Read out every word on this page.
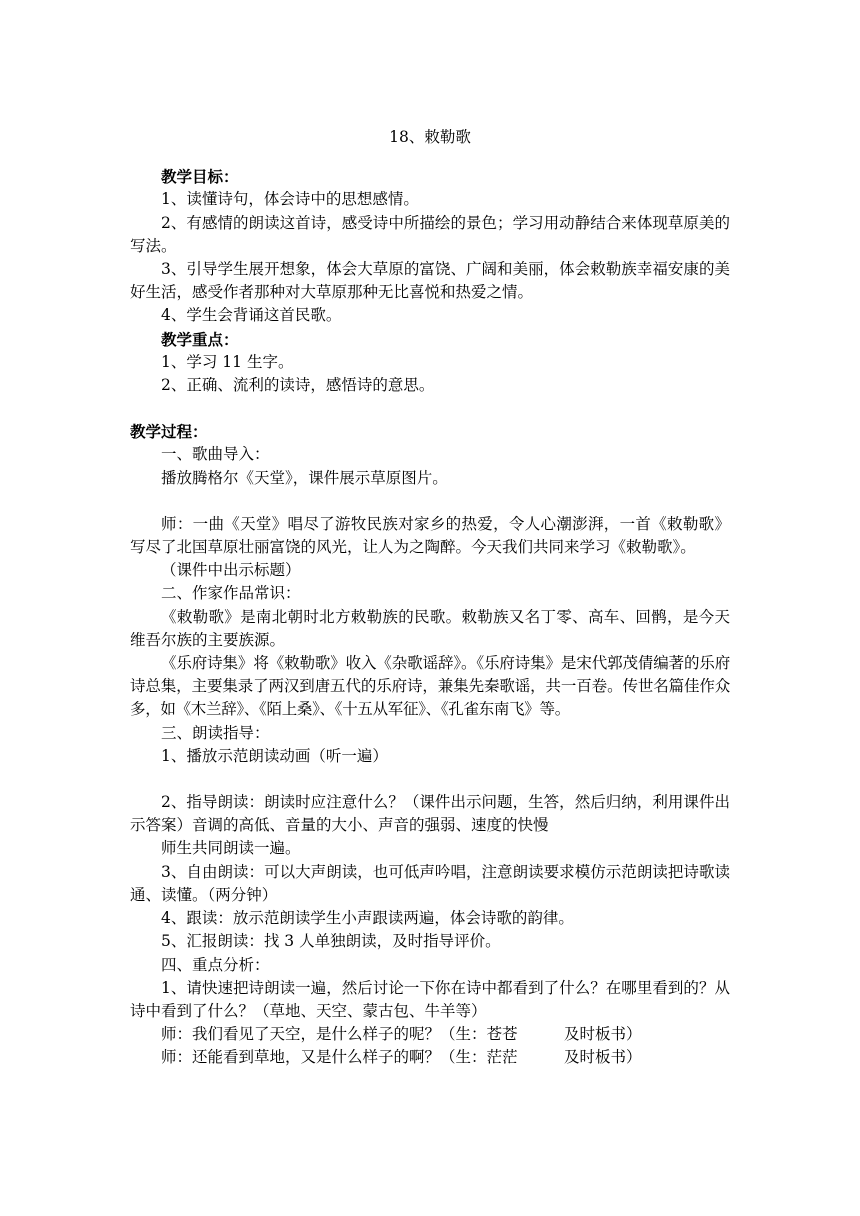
18、敕勒歌
教学目标：
1、读懂诗句，体会诗中的思想感情。
2、有感情的朗读这首诗，感受诗中所描绘的景色；学习用动静结合来体现草原美的写法。
3、引导学生展开想象，体会大草原的富饶、广阔和美丽，体会敕勒族幸福安康的美好生活，感受作者那种对大草原那种无比喜悦和热爱之情。
4、学生会背诵这首民歌。
教学重点：
1、学习 11 生字。
2、正确、流利的读诗，感悟诗的意思。
教学过程：
一、歌曲导入：
播放腾格尔《天堂》，课件展示草原图片。
师：一曲《天堂》唱尽了游牧民族对家乡的热爱，令人心潮澎湃，一首《敕勒歌》写尽了北国草原壮丽富饶的风光，让人为之陶醉。今天我们共同来学习《敕勒歌》。
（课件中出示标题）
二、作家作品常识：
《敕勒歌》是南北朝时北方敕勒族的民歌。敕勒族又名丁零、高车、回鹘，是今天维吾尔族的主要族源。
《乐府诗集》将《敕勒歌》收入《杂歌谣辞》。《乐府诗集》是宋代郭茂倩编著的乐府诗总集，主要集录了两汉到唐五代的乐府诗，兼集先秦歌谣，共一百卷。传世名篇佳作众多，如《木兰辞》、《陌上桑》、《十五从军征》、《孔雀东南飞》等。
三、朗读指导：
1、播放示范朗读动画（听一遍）
2、指导朗读：朗读时应注意什么？（课件出示问题，生答，然后归纳，利用课件出示答案）音调的高低、音量的大小、声音的强弱、速度的快慢
师生共同朗读一遍。
3、自由朗读：可以大声朗读，也可低声吟唱，注意朗读要求模仿示范朗读把诗歌读通、读懂。（两分钟）
4、跟读：放示范朗读学生小声跟读两遍，体会诗歌的韵律。
5、汇报朗读：找 3 人单独朗读，及时指导评价。
四、重点分析：
1、请快速把诗朗读一遍，然后讨论一下你在诗中都看到了什么？在哪里看到的？从诗中看到了什么？（草地、天空、蒙古包、牛羊等）
师：我们看见了天空，是什么样子的呢？（生：苍苍　　　及时板书）
师：还能看到草地，又是什么样子的啊？（生：茫茫　　　及时板书）
